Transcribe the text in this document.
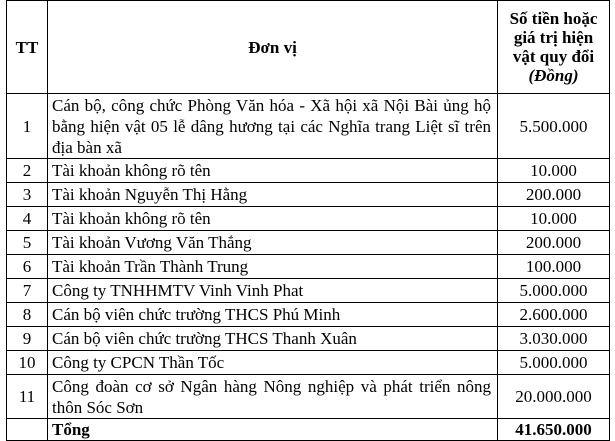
TT	Đơn vị	Số tiền hoặc
giá trị hiện
vật quy đổi
(Đồng)

1	Cán bộ, công chức Phòng Văn hóa - Xã hội xã Nội Bài ủng hộ bằng hiện vật 05 lễ dâng hương tại các Nghĩa trang Liệt sĩ trên địa bàn xã	5.500.000
2	Tài khoản không rõ tên	10.000
3	Tài khoản Nguyễn Thị Hằng	200.000
4	Tài khoản không rõ tên	10.000
5	Tài khoản Vương Văn Thắng	200.000
6	Tài khoản Trần Thành Trung	100.000
7	Công ty TNHHMTV Vinh Vinh Phat	5.000.000
8	Cán bộ viên chức trường THCS Phú Minh	2.600.000
9	Cán bộ viên chức trường THCS Thanh Xuân	3.030.000
10	Công ty CPCN Thần Tốc	5.000.000
11	Công đoàn cơ sở Ngân hàng Nông nghiệp và phát triển nông thôn Sóc Sơn	20.000.000
	Tổng	41.650.000
